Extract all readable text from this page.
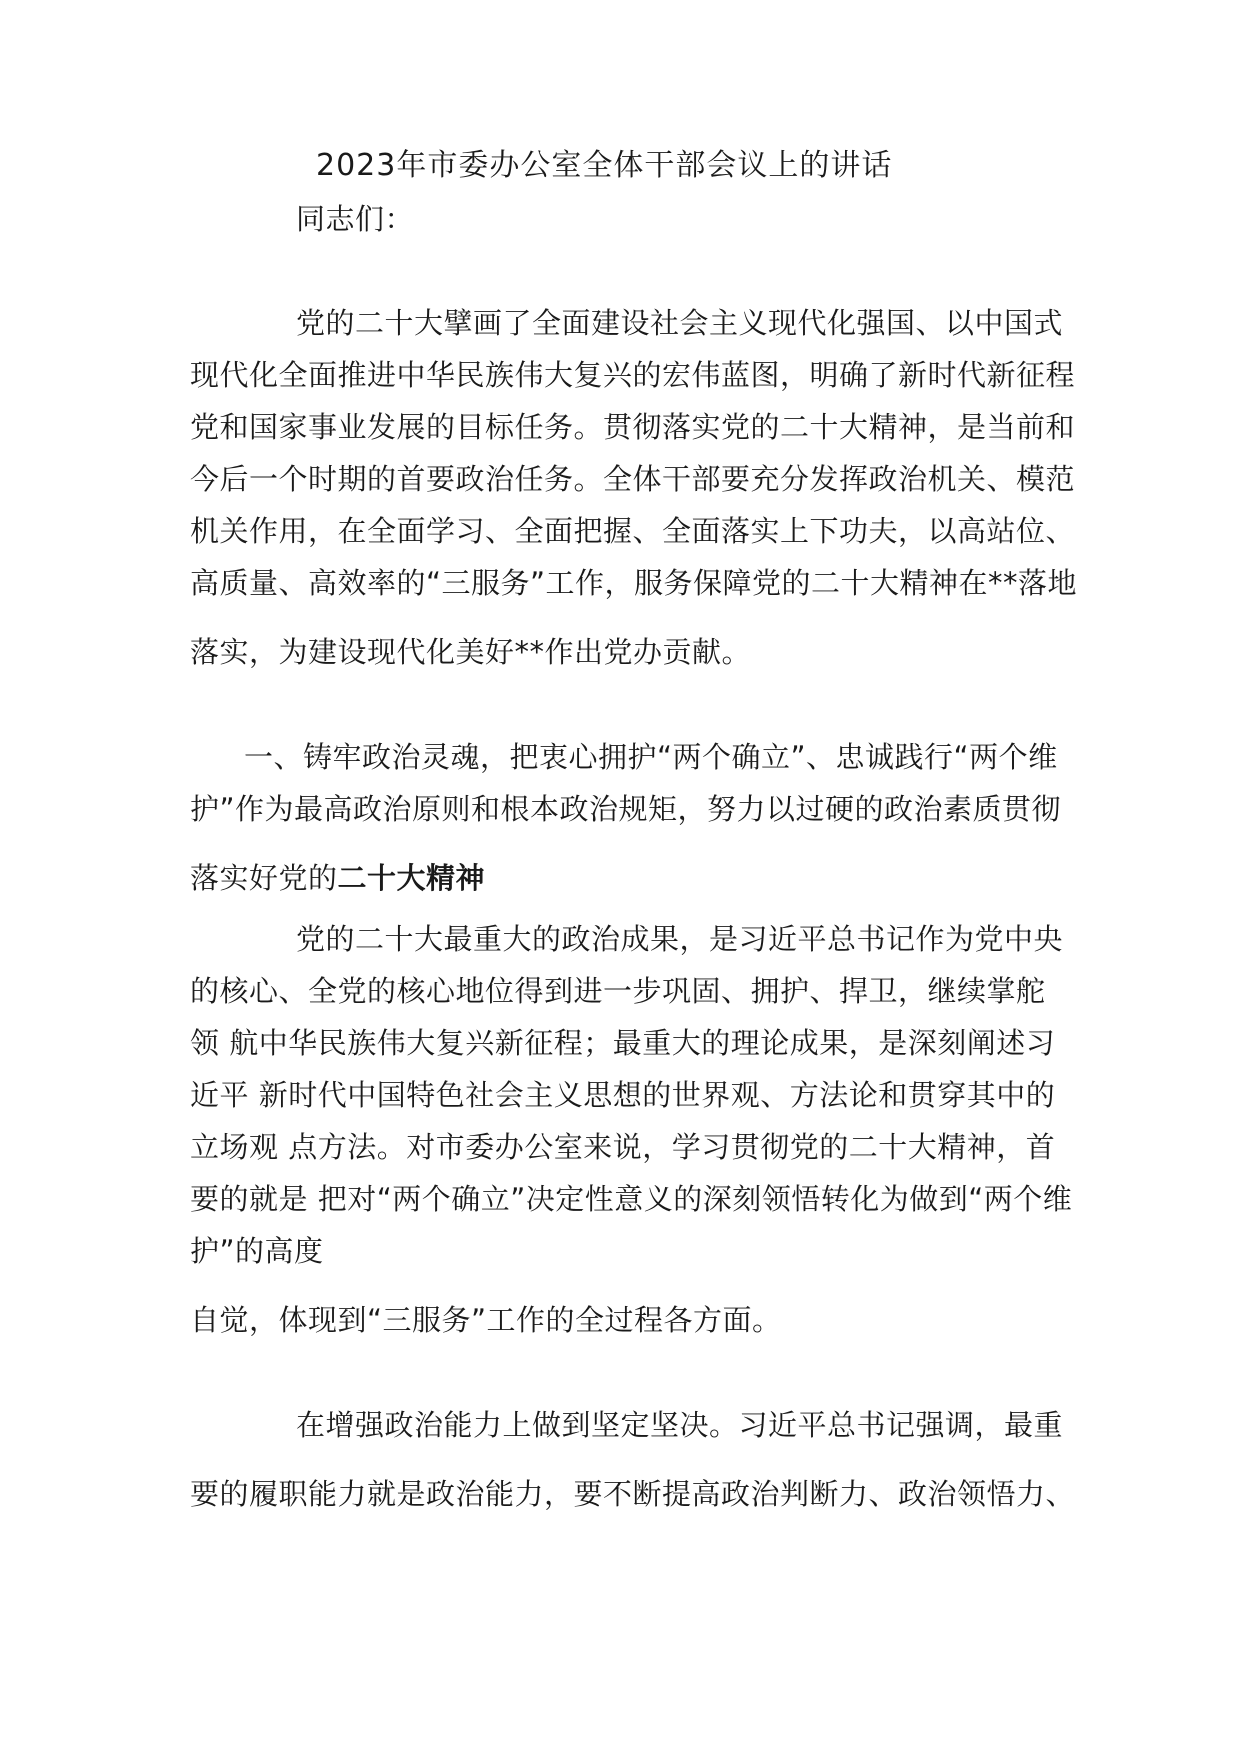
2023年市委办公室全体干部会议上的讲话
同志们：
党的二十大擘画了全面建设社会主义现代化强国、以中国式
现代化全面推进中华民族伟大复兴的宏伟蓝图，明确了新时代新征程
党和国家事业发展的目标任务。贯彻落实党的二十大精神，是当前和
今后一个时期的首要政治任务。全体干部要充分发挥政治机关、模范
机关作用，在全面学习、全面把握、全面落实上下功夫，以高站位、
高质量、高效率的“三服务”工作，服务保障党的二十大精神在**落地
落实，为建设现代化美好**作出党办贡献。
一、铸牢政治灵魂，把衷心拥护“两个确立”、忠诚践行“两个维
护”作为最高政治原则和根本政治规矩，努力以过硬的政治素质贯彻
落实好党的二十大精神
党的二十大最重大的政治成果，是习近平总书记作为党中央
的核心、全党的核心地位得到进一步巩固、拥护、捍卫，继续掌舵
领 航中华民族伟大复兴新征程；最重大的理论成果，是深刻阐述习
近平 新时代中国特色社会主义思想的世界观、方法论和贯穿其中的
立场观 点方法。对市委办公室来说，学习贯彻党的二十大精神，首
要的就是 把对“两个确立”决定性意义的深刻领悟转化为做到“两个维
护”的高度
自觉，体现到“三服务”工作的全过程各方面。
在增强政治能力上做到坚定坚决。习近平总书记强调，最重
要的履职能力就是政治能力，要不断提高政治判断力、政治领悟力、
